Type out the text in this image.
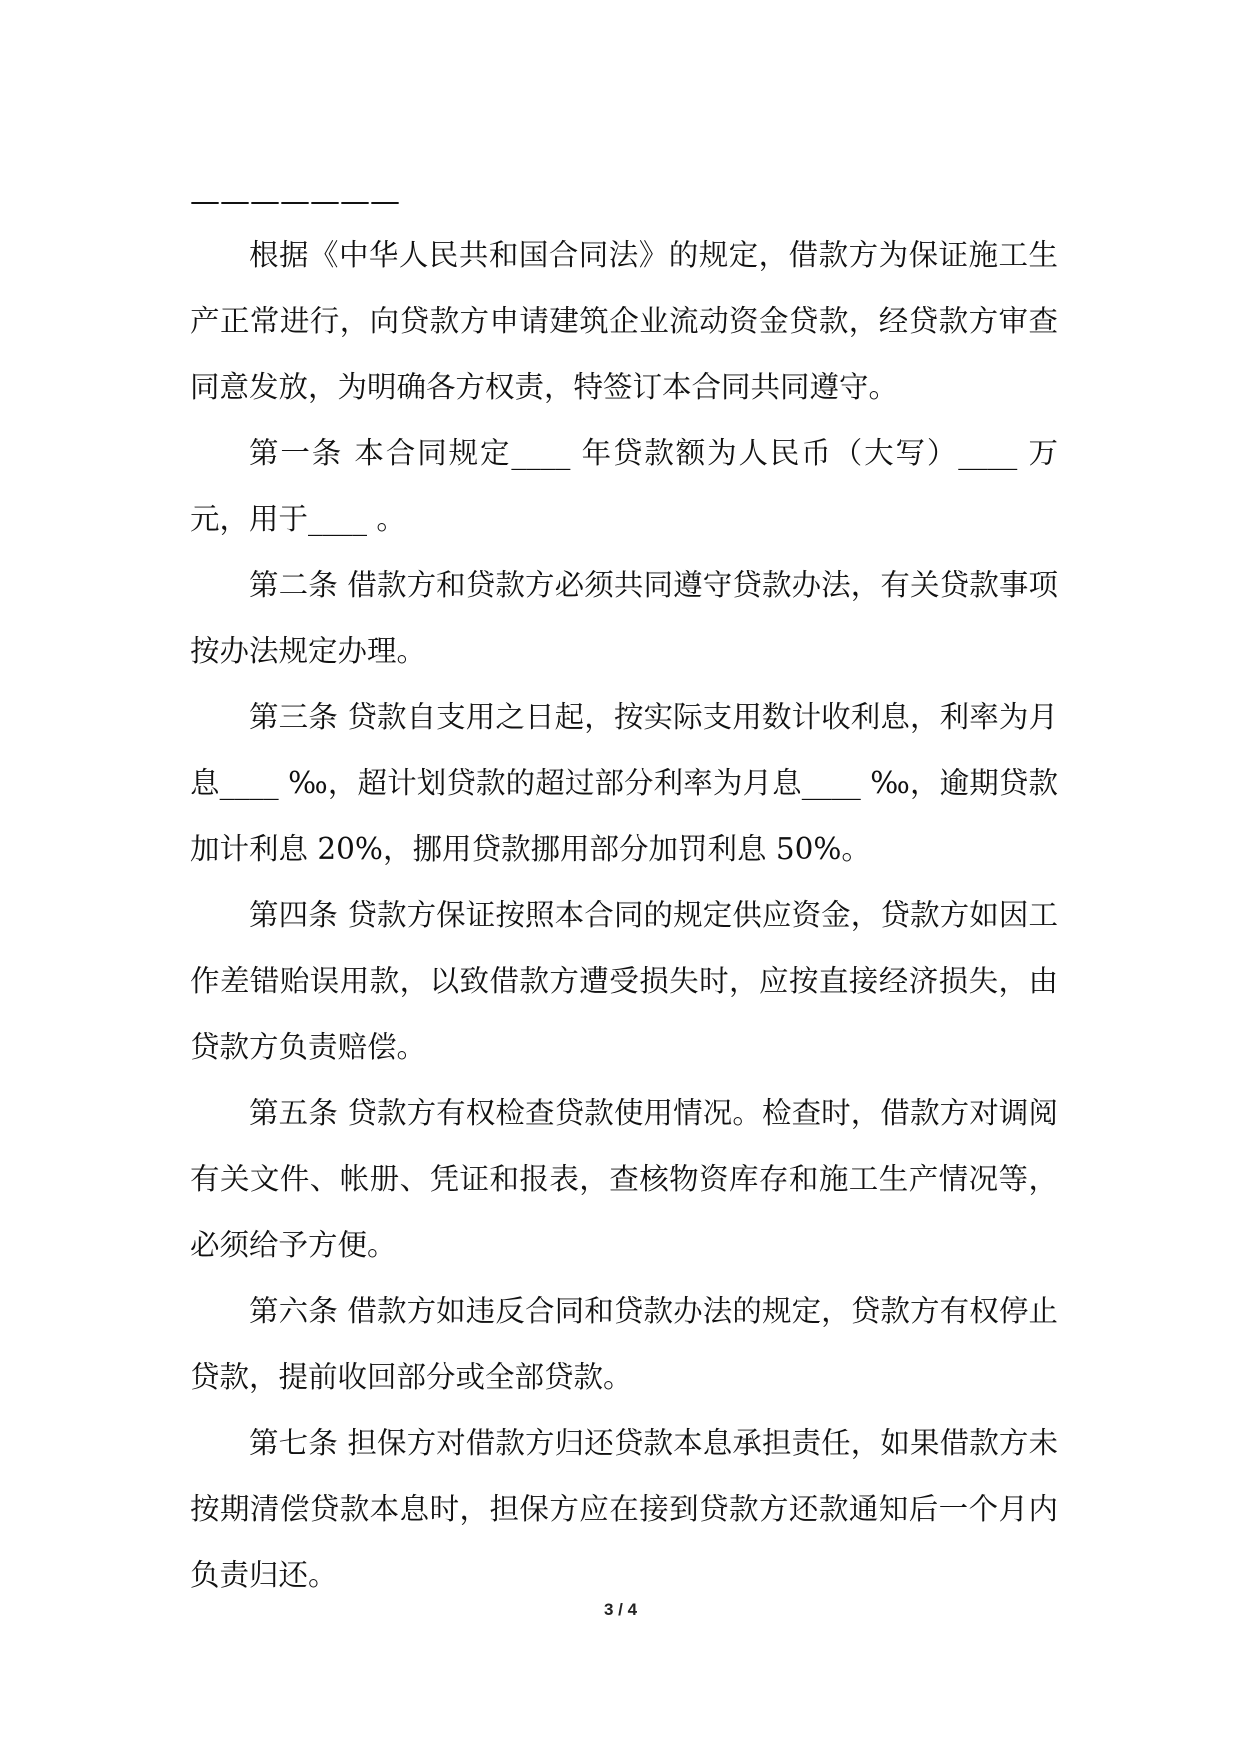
———————

根据《中华人民共和国合同法》的规定，借款方为保证施工生产正常进行，向贷款方申请建筑企业流动资金贷款，经贷款方审查同意发放，为明确各方权责，特签订本合同共同遵守。

第一条 本合同规定____ 年贷款额为人民币（大写）____ 万元，用于____ 。

第二条 借款方和贷款方必须共同遵守贷款办法，有关贷款事项按办法规定办理。

第三条 贷款自支用之日起，按实际支用数计收利息，利率为月息____ ‰，超计划贷款的超过部分利率为月息____ ‰，逾期贷款加计利息 20%，挪用贷款挪用部分加罚利息 50%。

第四条 贷款方保证按照本合同的规定供应资金，贷款方如因工作差错贻误用款，以致借款方遭受损失时，应按直接经济损失，由贷款方负责赔偿。

第五条 贷款方有权检查贷款使用情况。检查时，借款方对调阅有关文件、帐册、凭证和报表，查核物资库存和施工生产情况等，必须给予方便。

第六条 借款方如违反合同和贷款办法的规定，贷款方有权停止贷款，提前收回部分或全部贷款。

第七条 担保方对借款方归还贷款本息承担责任，如果借款方未按期清偿贷款本息时，担保方应在接到贷款方还款通知后一个月内负责归还。

3 / 4
